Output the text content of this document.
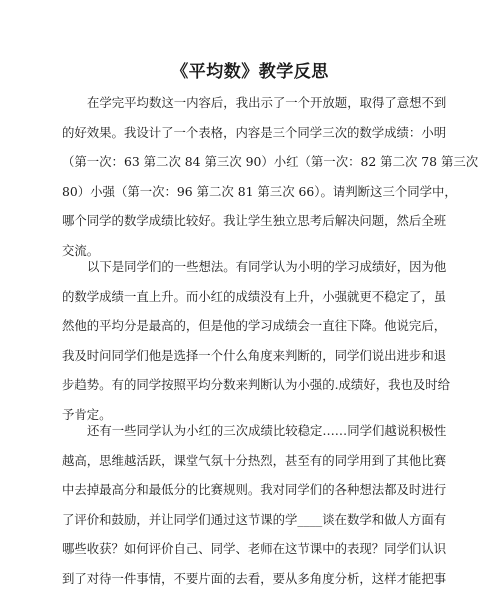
《平均数》教学反思
在学完平均数这一内容后，我出示了一个开放题，取得了意想不到
的好效果。我设计了一个表格，内容是三个同学三次的数学成绩：小明
（第一次：63 第二次 84 第三次 90）小红（第一次：82 第二次 78 第三次
80）小强（第一次：96 第二次 81 第三次 66）。请判断这三个同学中，
哪个同学的数学成绩比较好。我让学生独立思考后解决问题，然后全班
交流。
以下是同学们的一些想法。有同学认为小明的学习成绩好，因为他
的数学成绩一直上升。而小红的成绩没有上升，小强就更不稳定了，虽
然他的平均分是最高的，但是他的学习成绩会一直往下降。他说完后，
我及时问同学们他是选择一个什么角度来判断的，同学们说出进步和退
步趋势。有的同学按照平均分数来判断认为小强的.成绩好，我也及时给
予肯定。
还有一些同学认为小红的三次成绩比较稳定……同学们越说积极性
越高，思维越活跃，课堂气氛十分热烈，甚至有的同学用到了其他比赛
中去掉最高分和最低分的比赛规则。我对同学们的各种想法都及时进行
了评价和鼓励，并让同学们通过这节课的学____谈在数学和做人方面有
哪些收获？如何评价自己、同学、老师在这节课中的表现？同学们认识
到了对待一件事情，不要片面的去看，要从多角度分析，这样才能把事
